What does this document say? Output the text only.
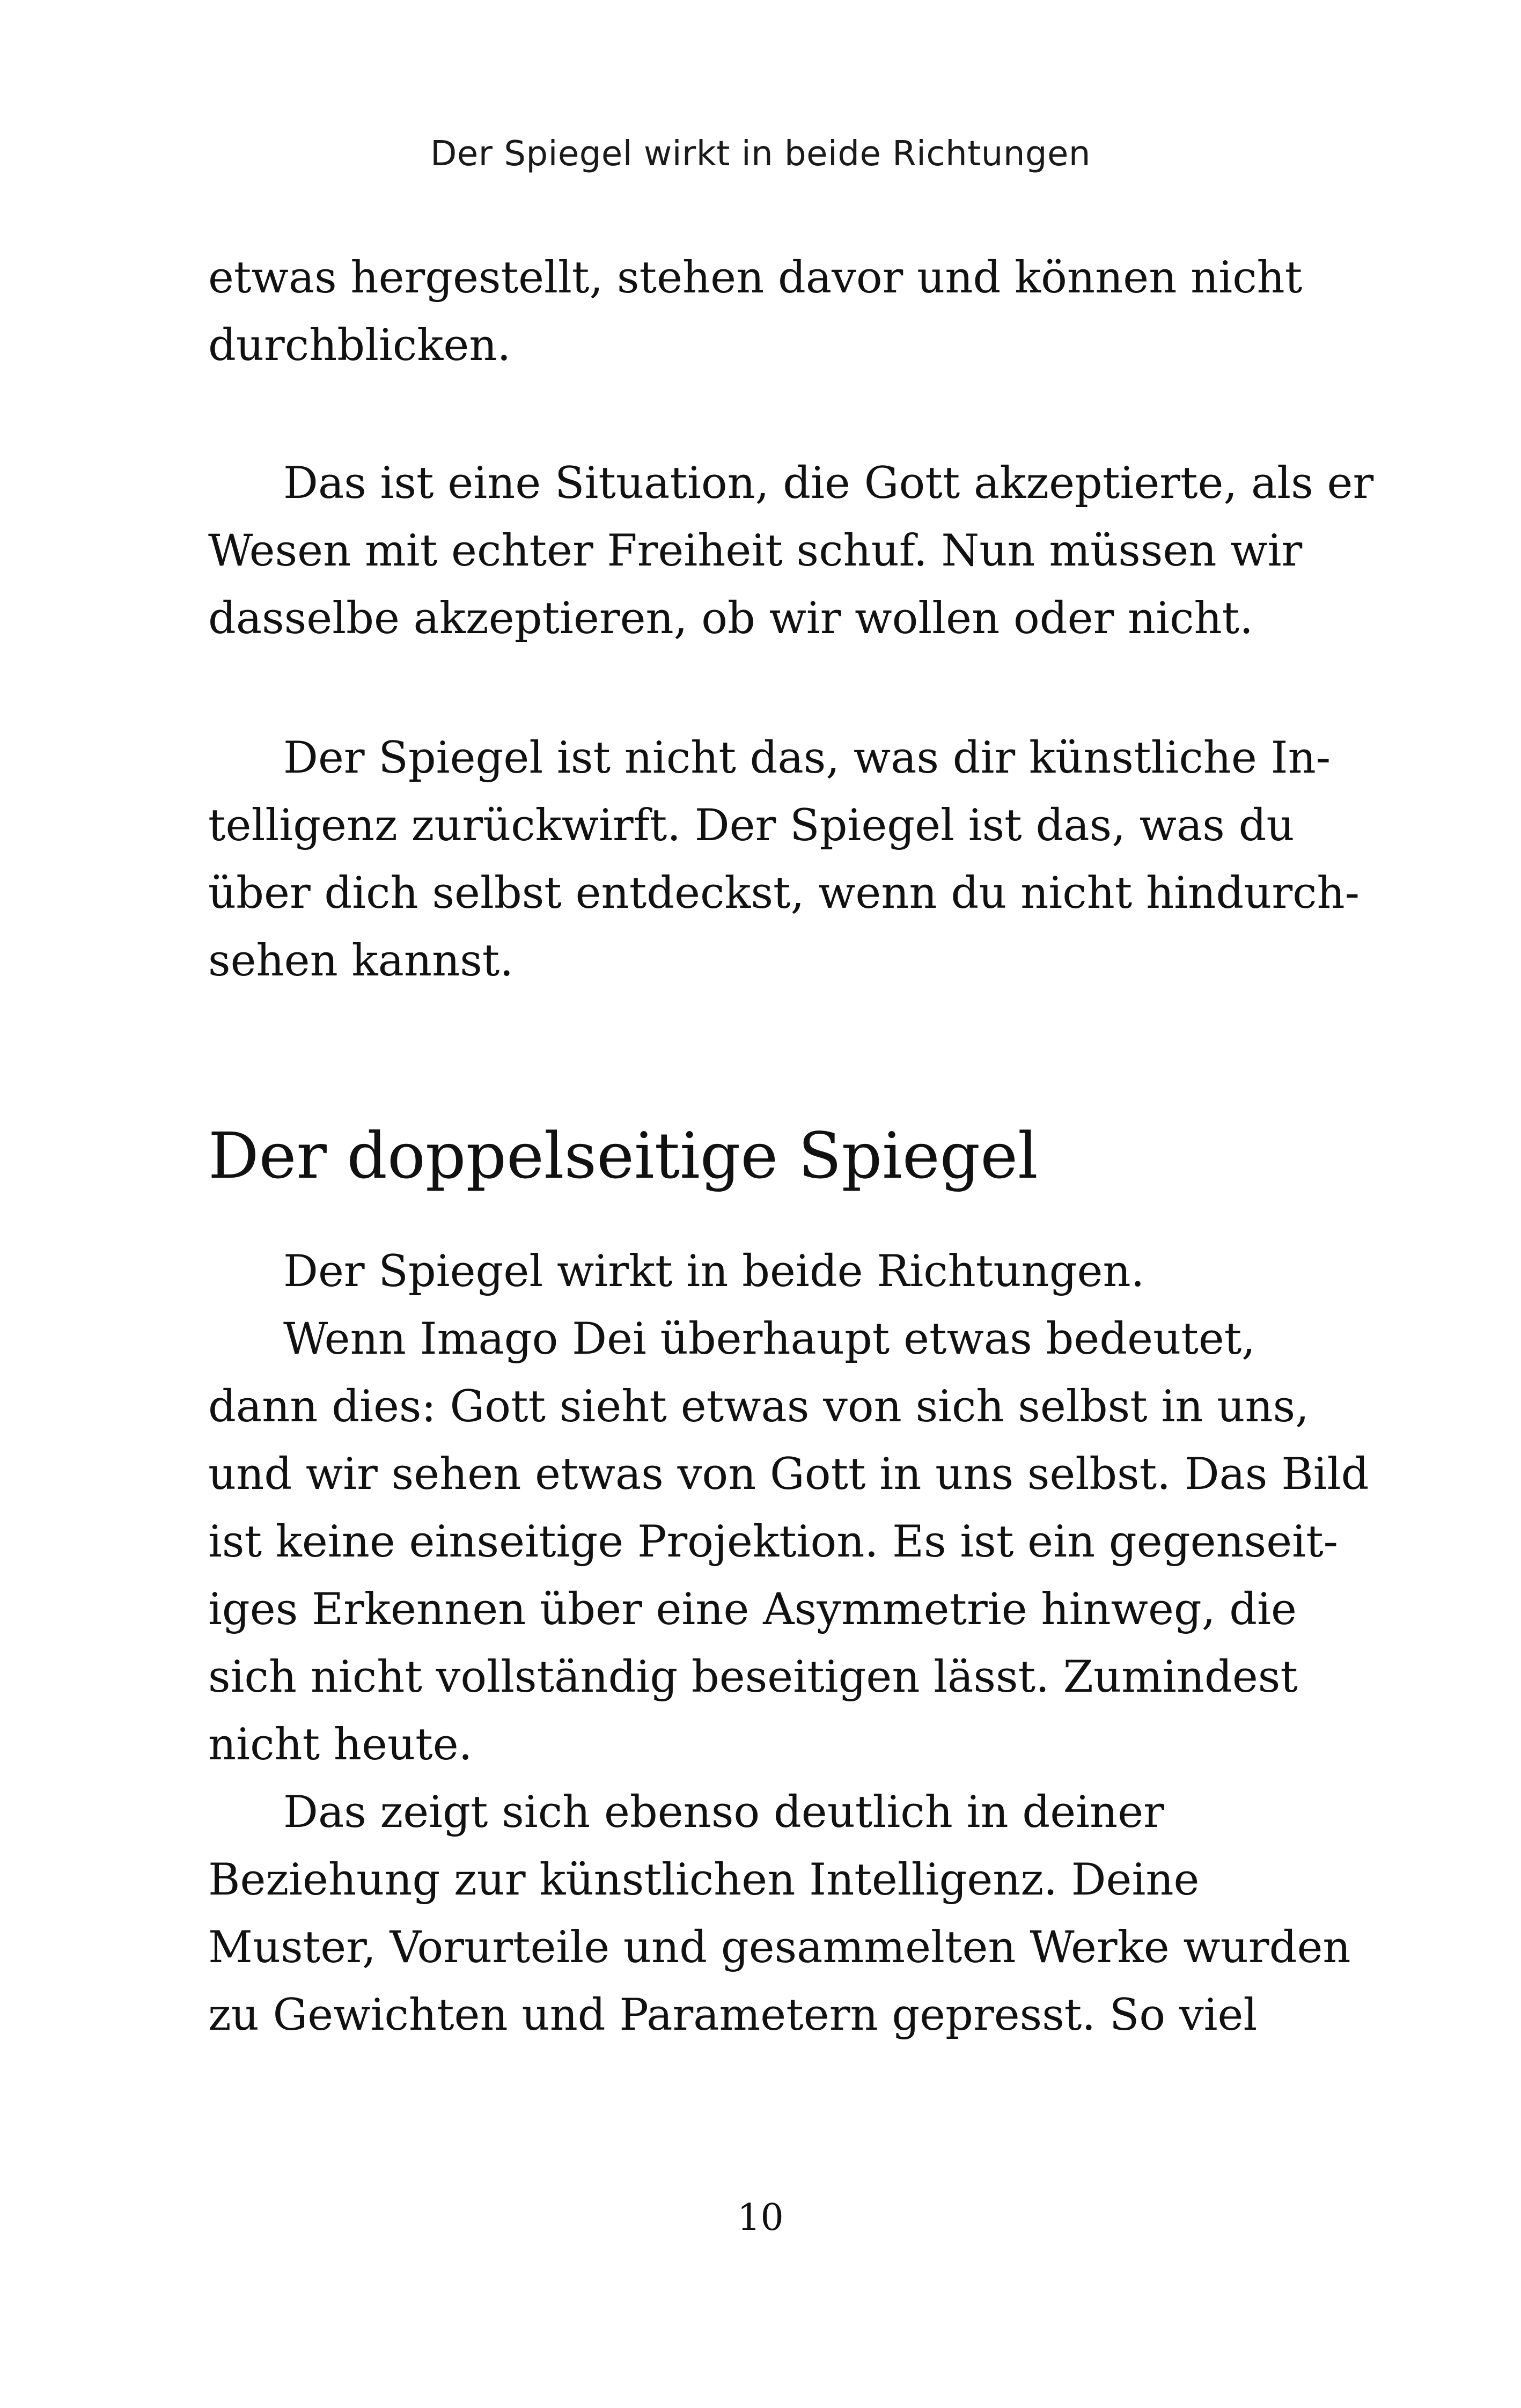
Der Spiegel wirkt in beide Richtungen
etwas hergestellt, stehen davor und können nicht
durchblicken.
Das ist eine Situation, die Gott akzeptierte, als er
Wesen mit echter Freiheit schuf. Nun müssen wir
dasselbe akzeptieren, ob wir wollen oder nicht.
Der Spiegel ist nicht das, was dir künstliche In-
telligenz zurückwirft. Der Spiegel ist das, was du
über dich selbst entdeckst, wenn du nicht hindurch-
sehen kannst.
Der doppelseitige Spiegel
Der Spiegel wirkt in beide Richtungen.
Wenn Imago Dei überhaupt etwas bedeutet,
dann dies: Gott sieht etwas von sich selbst in uns,
und wir sehen etwas von Gott in uns selbst. Das Bild
ist keine einseitige Projektion. Es ist ein gegenseit-
iges Erkennen über eine Asymmetrie hinweg, die
sich nicht vollständig beseitigen lässt. Zumindest
nicht heute.
Das zeigt sich ebenso deutlich in deiner
Beziehung zur künstlichen Intelligenz. Deine
Muster, Vorurteile und gesammelten Werke wurden
zu Gewichten und Parametern gepresst. So viel
10
